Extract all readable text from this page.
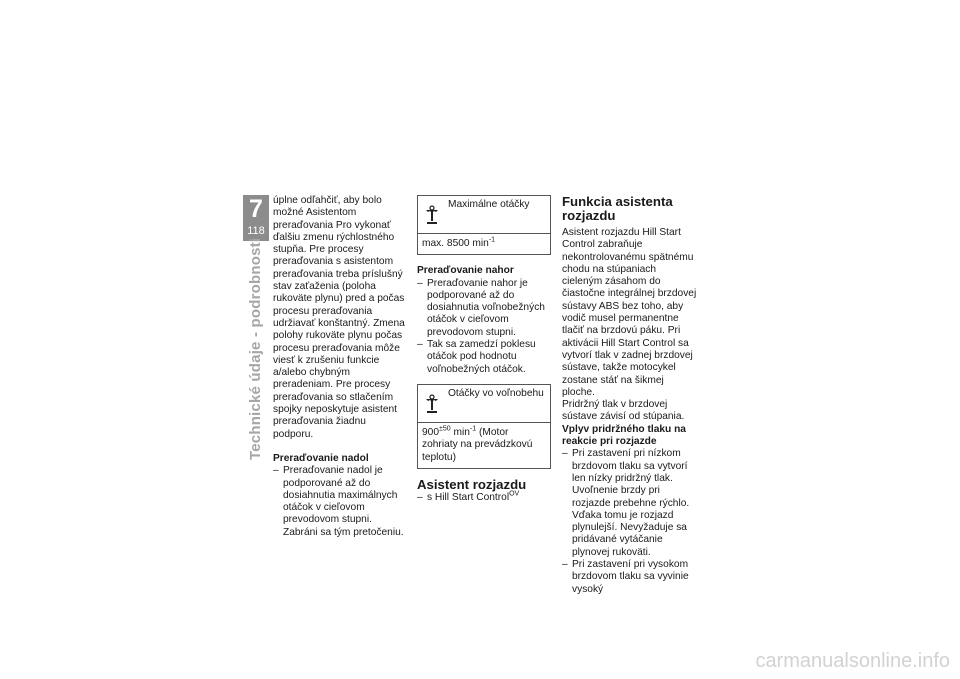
7
118
Technické údaje - podrobnosti

úplne odľahčiť, aby bolo možné Asistentom preraďovania Pro vykonať ďalšiu zmenu rýchlostného stupňa. Pre procesy preraďovania s asistentom preraďovania treba príslušný stav zaťaženia (poloha rukoväte plynu) pred a počas procesu preraďovania udržiavať konštantný. Zmena polohy rukoväte plynu počas procesu preraďovania môže viesť k zrušeniu funkcie a/alebo chybným preradeniam. Pre procesy preraďovania so stlačením spojky neposkytuje asistent preraďovania žiadnu podporu.

Preraďovanie nadol

– Preraďovanie nadol je podporované až do dosiahnutia maximálnych otáčok v cieľovom prevodovom stupni. Zabráni sa tým pretočeniu.
Maximálne otáčky
max. 8500 $\min^{-1}$

Preraďovanie nahor

– Preraďovanie nahor je podporované až do dosiahnutia voľnobežných otáčok v cieľovom prevodovom stupni.
– Tak sa zamedzí poklesu otáčok pod hodnotu voľnobežných otáčok.
Otáčky vo voľnobehu
$900^{\pm 50}$ $\min^{-1}$ (Motor zohriaty na prevádzkovú teplotu)

Asistent rozjazdu

– s Hill Start Control$^{OV}$

Funkcia asistenta rozjazdu

Asistent rozjazdu Hill Start Control zabraňuje nekontrolovanému spätnému chodu na stúpaniach cieleným zásahom do čiastočne integrálnej brzdovej sústavy ABS bez toho, aby vodič musel permanentne tlačiť na brzdovú páku. Pri aktivácii Hill Start Control sa vytvorí tlak v zadnej brzdovej sústave, takže motocykel zostane stáť na šikmej ploche.

Pridržný tlak v brzdovej sústave závisí od stúpania.

Vplyv pridržného tlaku na reakcie pri rozjazde

– Pri zastavení pri nízkom brzdovom tlaku sa vytvorí len nízky pridržný tlak. Uvoľnenie brzdy pri rozjazde prebehne rýchlo. Vďaka tomu je rozjazd plynulejší. Nevyžaduje sa pridávané vytáčanie plynovej rukoväti.
– Pri zastavení pri vysokom brzdovom tlaku sa vyvinie vysoký
carmanualsonline.info
